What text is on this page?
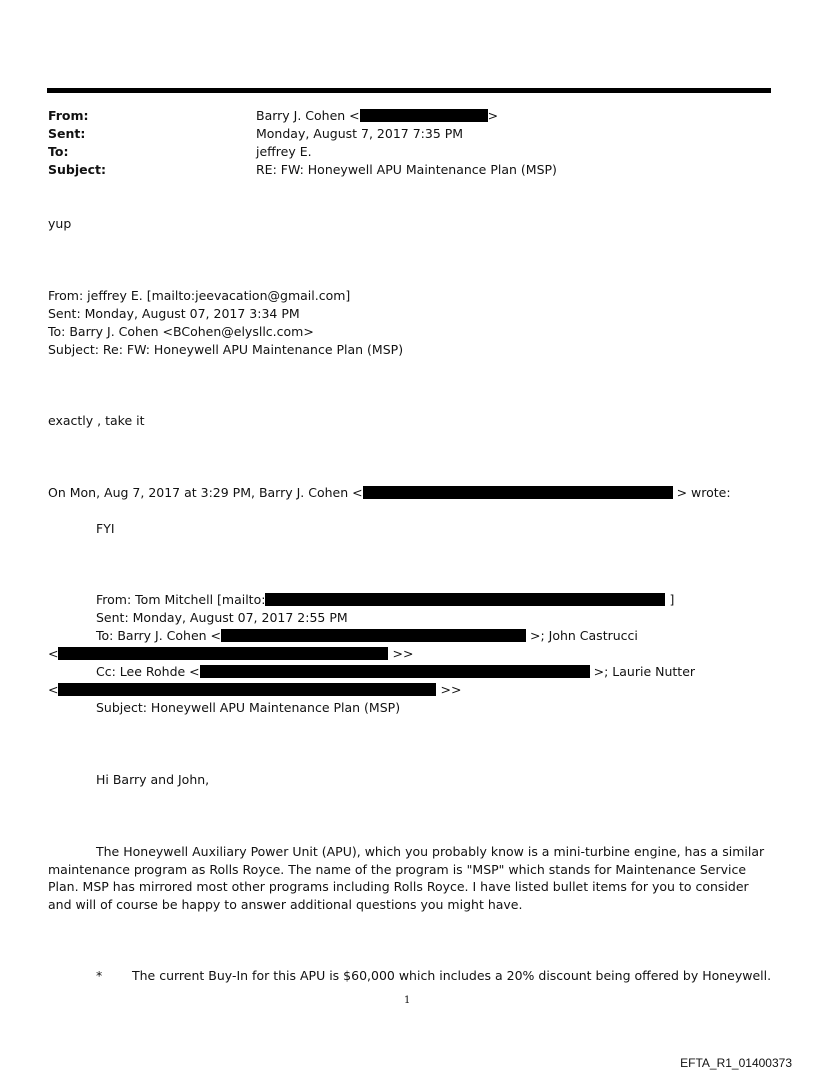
From:	Barry J. Cohen <	>
Sent:	Monday, August 7, 2017 7:35 PM
To:	jeffrey E.
Subject:	RE: FW: Honeywell APU Maintenance Plan (MSP)
yup
From: jeffrey E. [mailto:jeevacation@gmail.com]
Sent: Monday, August 07, 2017 3:34 PM
To: Barry J. Cohen <BCohen@elysllc.com>
Subject: Re: FW: Honeywell APU Maintenance Plan (MSP)
exactly , take it
On Mon, Aug 7, 2017 at 3:29 PM, Barry J. Cohen <	> wrote:
FYI
From: Tom Mitchell [mailto:	]
Sent: Monday, August 07, 2017 2:55 PM
To: Barry J. Cohen <	>; John Castrucci
<	>>
Cc: Lee Rohde <	>; Laurie Nutter
<	>>
Subject: Honeywell APU Maintenance Plan (MSP)
Hi Barry and John,
The Honeywell Auxiliary Power Unit (APU), which you probably know is a mini-turbine engine, has a similar maintenance program as Rolls Royce. The name of the program is "MSP" which stands for Maintenance Service Plan. MSP has mirrored most other programs including Rolls Royce. I have listed bullet items for you to consider and will of course be happy to answer additional questions you might have.
* The current Buy-In for this APU is $60,000 which includes a 20% discount being offered by Honeywell.
1
EFTA_R1_01400373
